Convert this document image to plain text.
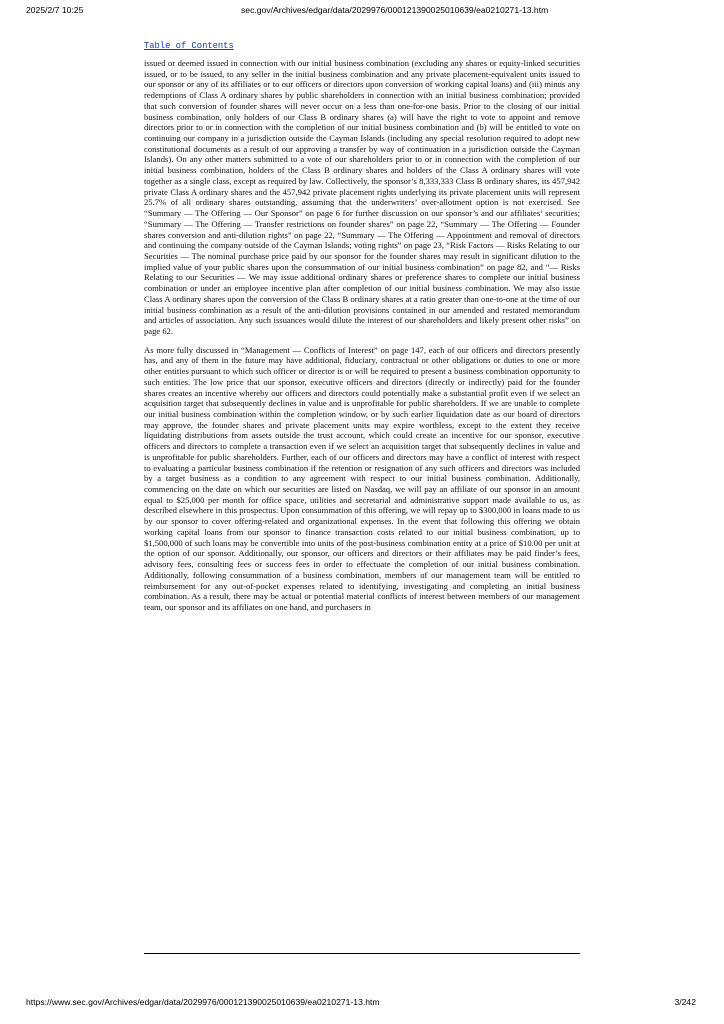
2025/2/7 10:25	sec.gov/Archives/edgar/data/2029976/000121390025010639/ea0210271-13.htm
Table of Contents

issued or deemed issued in connection with our initial business combination (excluding any shares or equity-linked securities issued, or to be issued, to any seller in the initial business combination and any private placement-equivalent units issued to our sponsor or any of its affiliates or to our officers or directors upon conversion of working capital loans) and (iii) minus any redemptions of Class A ordinary shares by public shareholders in connection with an initial business combination; provided that such conversion of founder shares will never occur on a less than one-for-one basis. Prior to the closing of our initial business combination, only holders of our Class B ordinary shares (a) will have the right to vote to appoint and remove directors prior to or in connection with the completion of our initial business combination and (b) will be entitled to vote on continuing our company in a jurisdiction outside the Cayman Islands (including any special resolution required to adopt new constitutional documents as a result of our approving a transfer by way of continuation in a jurisdiction outside the Cayman Islands). On any other matters submitted to a vote of our shareholders prior to or in connection with the completion of our initial business combination, holders of the Class B ordinary shares and holders of the Class A ordinary shares will vote together as a single class, except as required by law. Collectively, the sponsor’s 8,333,333 Class B ordinary shares, its 457,942 private Class A ordinary shares and the 457,942 private placement rights underlying its private placement units will represent 25.7% of all ordinary shares outstanding, assuming that the underwriters’ over-allotment option is not exercised. See “Summary — The Offering — Our Sponsor” on page 6 for further discussion on our sponsor’s and our affiliates’ securities; “Summary — The Offering — Transfer restrictions on founder shares” on page 22, “Summary — The Offering — Founder shares conversion and anti-dilution rights” on page 22, “Summary — The Offering — Appointment and removal of directors and continuing the company outside of the Cayman Islands; voting rights” on page 23, “Risk Factors — Risks Relating to our Securities — The nominal purchase price paid by our sponsor for the founder shares may result in significant dilution to the implied value of your public shares upon the consummation of our initial business combination” on page 82, and “— Risks Relating to our Securities — We may issue additional ordinary shares or preference shares to complete our initial business combination or under an employee incentive plan after completion of our initial business combination. We may also issue Class A ordinary shares upon the conversion of the Class B ordinary shares at a ratio greater than one-to-one at the time of our initial business combination as a result of the anti-dilution provisions contained in our amended and restated memorandum and articles of association. Any such issuances would dilute the interest of our shareholders and likely present other risks” on page 62.

As more fully discussed in “Management — Conflicts of Interest” on page 147, each of our officers and directors presently has, and any of them in the future may have additional, fiduciary, contractual or other obligations or duties to one or more other entities pursuant to which such officer or director is or will be required to present a business combination opportunity to such entities. The low price that our sponsor, executive officers and directors (directly or indirectly) paid for the founder shares creates an incentive whereby our officers and directors could potentially make a substantial profit even if we select an acquisition target that subsequently declines in value and is unprofitable for public shareholders. If we are unable to complete our initial business combination within the completion window, or by such earlier liquidation date as our board of directors may approve, the founder shares and private placement units may expire worthless, except to the extent they receive liquidating distributions from assets outside the trust account, which could create an incentive for our sponsor, executive officers and directors to complete a transaction even if we select an acquisition target that subsequently declines in value and is unprofitable for public shareholders. Further, each of our officers and directors may have a conflict of interest with respect to evaluating a particular business combination if the retention or resignation of any such officers and directors was included by a target business as a condition to any agreement with respect to our initial business combination. Additionally, commencing on the date on which our securities are listed on Nasdaq, we will pay an affiliate of our sponsor in an amount equal to $25,000 per month for office space, utilities and secretarial and administrative support made available to us, as described elsewhere in this prospectus. Upon consummation of this offering, we will repay up to $300,000 in loans made to us by our sponsor to cover offering-related and organizational expenses. In the event that following this offering we obtain working capital loans from our sponsor to finance transaction costs related to our initial business combination, up to $1,500,000 of such loans may be convertible into units of the post-business combination entity at a price of $10.00 per unit at the option of our sponsor. Additionally, our sponsor, our officers and directors or their affiliates may be paid finder’s fees, advisory fees, consulting fees or success fees in order to effectuate the completion of our initial business combination. Additionally, following consummation of a business combination, members of our management team will be entitled to reimbursement for any out-of-pocket expenses related to identifying, investigating and completing an initial business combination. As a result, there may be actual or potential material conflicts of interest between members of our management team, our sponsor and its affiliates on one hand, and purchasers in

https://www.sec.gov/Archives/edgar/data/2029976/000121390025010639/ea0210271-13.htm	3/242
